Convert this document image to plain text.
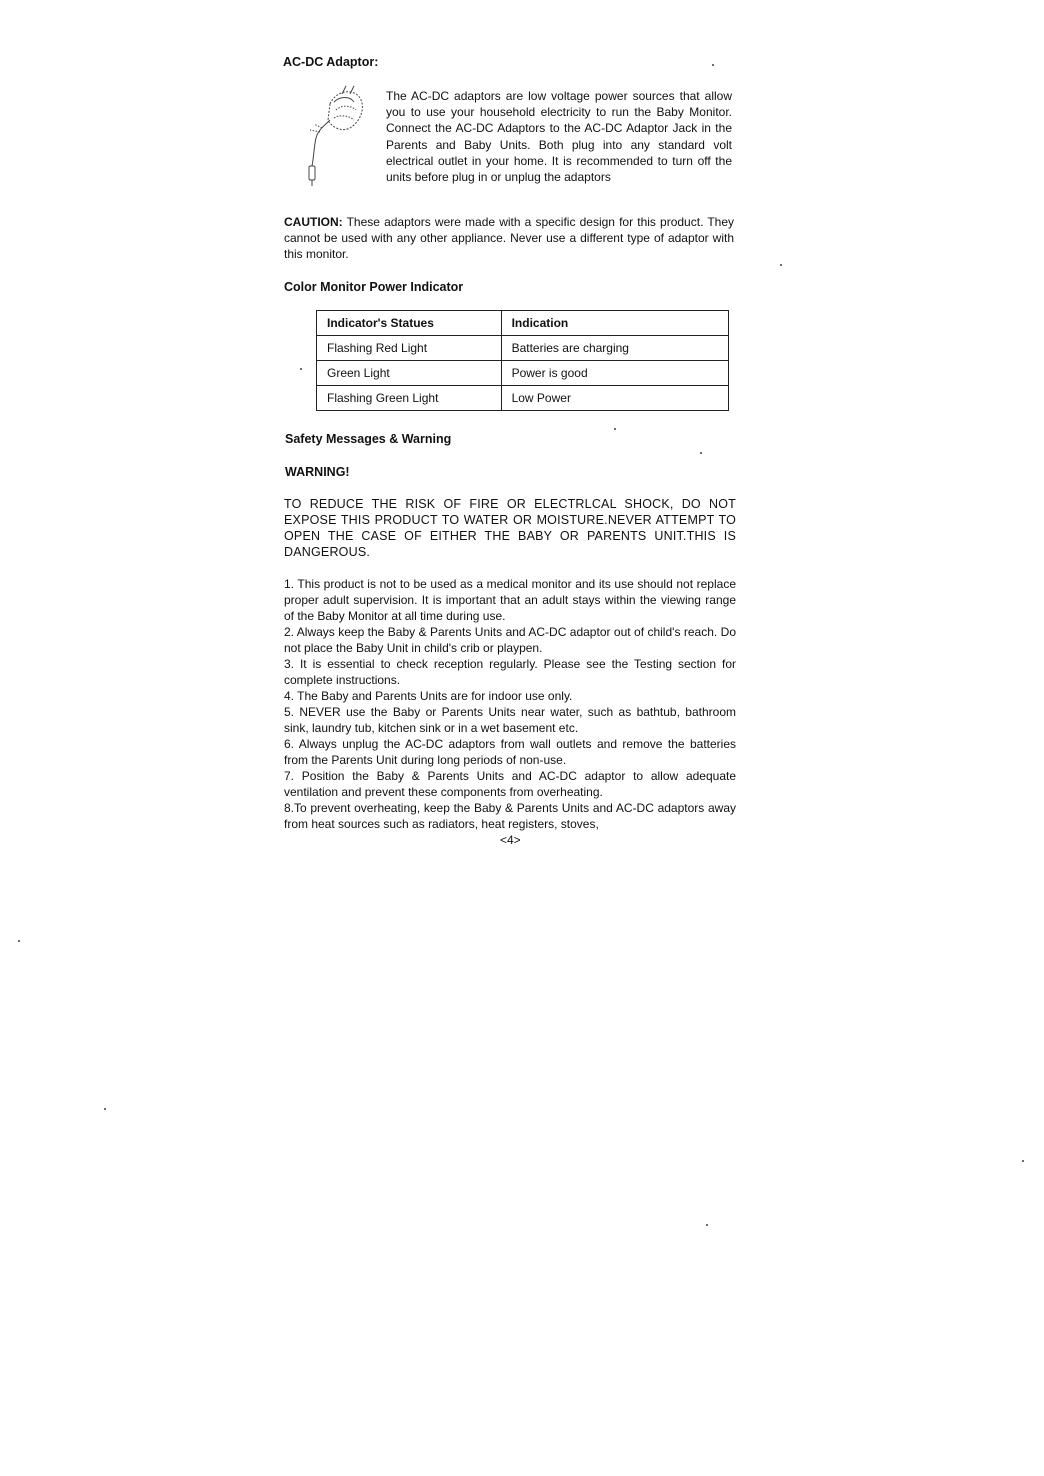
AC-DC Adaptor:
The AC-DC adaptors are low voltage power sources that allow you to use your household electricity to run the Baby Monitor. Connect the AC-DC Adaptors to the AC-DC Adaptor Jack in the Parents and Baby Units. Both plug into any standard volt electrical outlet in your home. It is recommended to turn off the units before plug in or unplug the adaptors
CAUTION: These adaptors were made with a specific design for this product. They cannot be used with any other appliance. Never use a different type of adaptor with this monitor.
Color Monitor Power Indicator
Indicator's Statues	Indication
Flashing Red Light	Batteries are charging
Green Light	Power is good
Flashing Green Light	Low Power
Safety Messages & Warning
WARNING!
TO REDUCE THE RISK OF FIRE OR ELECTRLCAL SHOCK, DO NOT EXPOSE THIS PRODUCT TO WATER OR MOISTURE.NEVER ATTEMPT TO OPEN THE CASE OF EITHER THE BABY OR PARENTS UNIT.THIS IS DANGEROUS.

1. This product is not to be used as a medical monitor and its use should not replace proper adult supervision. It is important that an adult stays within the viewing range of the Baby Monitor at all time during use.

2. Always keep the Baby & Parents Units and AC-DC adaptor out of child's reach. Do not place the Baby Unit in child's crib or playpen.

3. It is essential to check reception regularly. Please see the Testing section for complete instructions.

4. The Baby and Parents Units are for indoor use only.

5. NEVER use the Baby or Parents Units near water, such as bathtub, bathroom sink, laundry tub, kitchen sink or in a wet basement etc.

6. Always unplug the AC-DC adaptors from wall outlets and remove the batteries from the Parents Unit during long periods of non-use.

7. Position the Baby & Parents Units and AC-DC adaptor to allow adequate ventilation and prevent these components from overheating.

8.To prevent overheating, keep the Baby & Parents Units and AC-DC adaptors away from heat sources such as radiators, heat registers, stoves,

<4>
